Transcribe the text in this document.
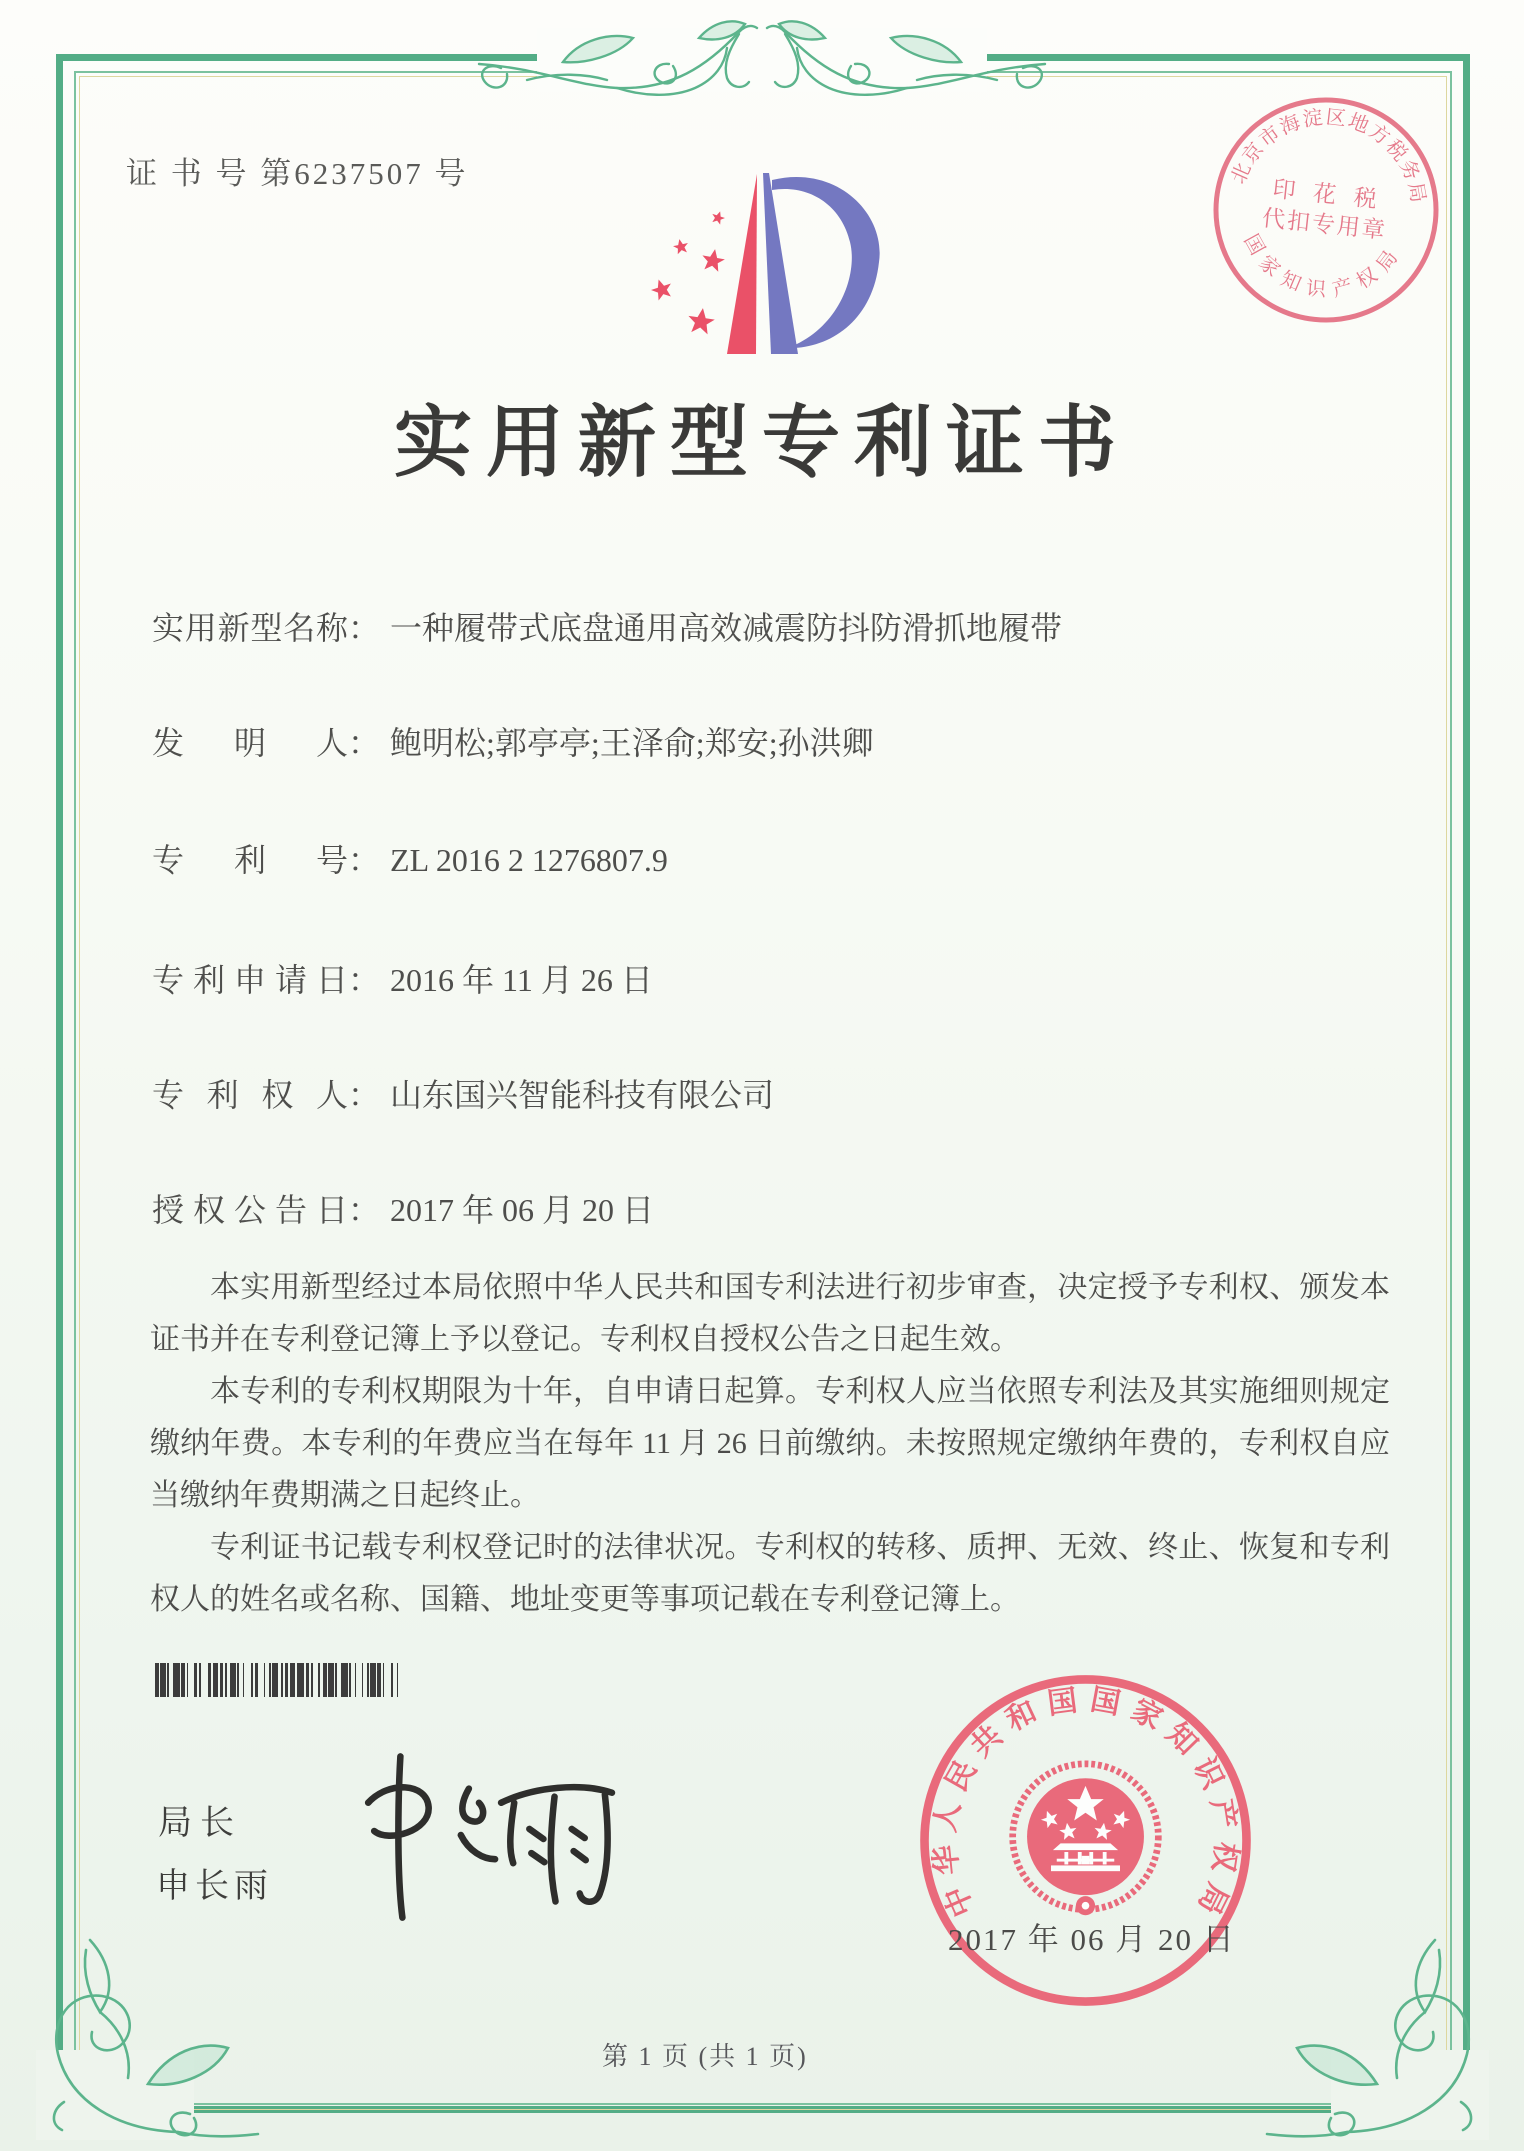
证 书 号 第6237507 号
实用新型专利证书
实 用 新 型 名 称 ： 一种履带式底盘通用高效减震防抖防滑抓地履带
发 明 人 ： 鲍明松;郭亭亭;王泽俞;郑安;孙洪卿
专 利 号 ： ZL 2016 2 1276807.9
专 利 申 请 日 ： 2016 年 11 月 26 日
专 利 权 人 ： 山东国兴智能科技有限公司
授 权 公 告 日 ： 2017 年 06 月 20 日

本实用新型经过本局依照中华人民共和国专利法进行初步审查，决定授予专利权、颁发本证书并在专利登记簿上予以登记。专利权自授权公告之日起生效。

本专利的专利权期限为十年，自申请日起算。专利权人应当依照专利法及其实施细则规定缴纳年费。本专利的年费应当在每年 11 月 26 日前缴纳。未按照规定缴纳年费的，专利权自应当缴纳年费期满之日起终止。

专利证书记载专利权登记时的法律状况。专利权的转移、质押、无效、终止、恢复和专利权人的姓名或名称、国籍、地址变更等事项记载在专利登记簿上。

局长
申长雨	中华人民共和国国家知识产权局
2017 年 06 月 20 日
北京市海淀区地方税务局
国家知识产权局
印 花 税
代扣专用章
第 1 页 (共 1 页)
